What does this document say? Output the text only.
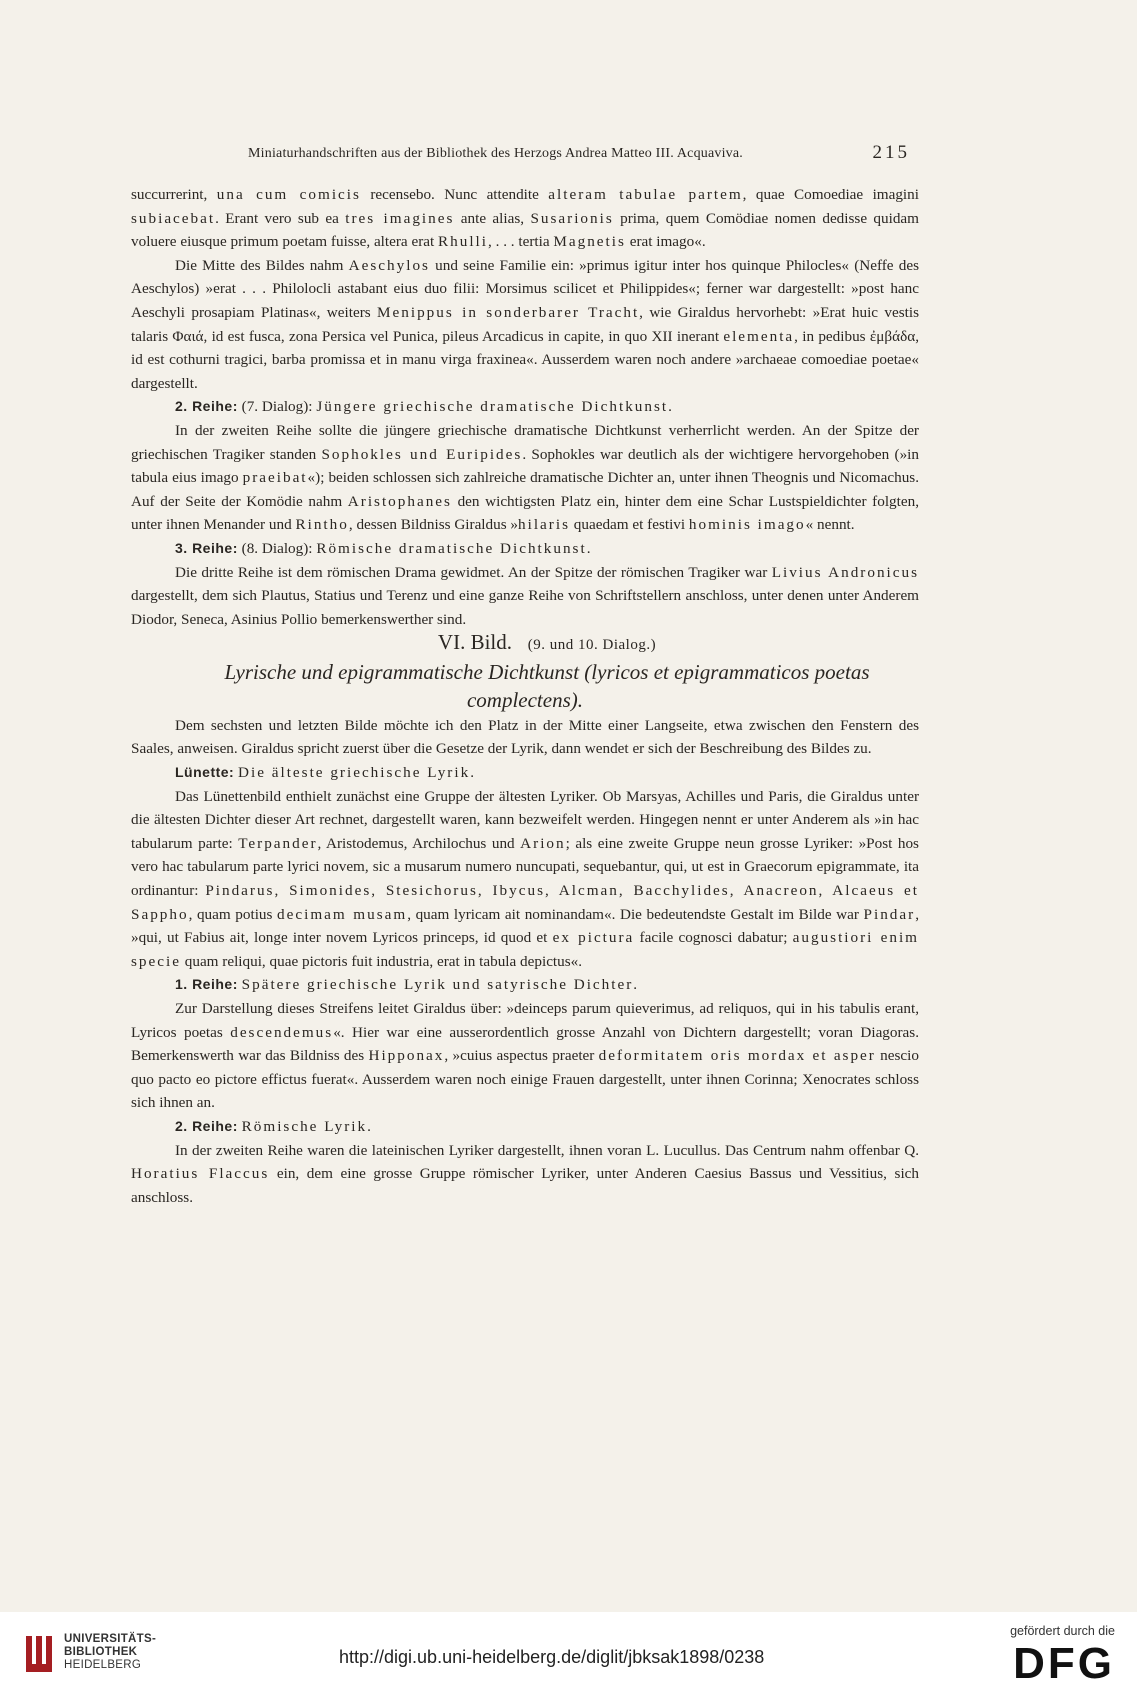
Miniaturhandschriften aus der Bibliothek des Herzogs Andrea Matteo III. Acquaviva.	215

succurrerint, una cum comicis recensebo. Nunc attendite alteram tabulae partem, quae Comoediae imagini subiacebat. Erant vero sub ea tres imagines ante alias, Susarionis prima, quem Comödiae nomen dedisse quidam voluere eiusque primum poetam fuisse, altera erat Rhulli, . . . tertia Magnetis erat imago«.

Die Mitte des Bildes nahm Aeschylos und seine Familie ein: »primus igitur inter hos quinque Philocles« (Neffe des Aeschylos) »erat . . . Philolocli astabant eius duo filii: Morsimus scilicet et Philippides«; ferner war dargestellt: »post hanc Aeschyli prosapiam Platinas«, weiters Menippus in sonderbarer Tracht, wie Giraldus hervorhebt: »Erat huic vestis talaris Φαιά, id est fusca, zona Persica vel Punica, pileus Arcadicus in capite, in quo XII inerant elementa, in pedibus ἐμβάδα, id est cothurni tragici, barba promissa et in manu virga fraxinea«. Ausserdem waren noch andere »archaeae comoediae poetae« dargestellt.

2. Reihe: (7. Dialog): Jüngere griechische dramatische Dichtkunst.

In der zweiten Reihe sollte die jüngere griechische dramatische Dichtkunst verherrlicht werden. An der Spitze der griechischen Tragiker standen Sophokles und Euripides. Sophokles war deutlich als der wichtigere hervorgehoben (»in tabula eius imago praeibat«); beiden schlossen sich zahlreiche dramatische Dichter an, unter ihnen Theognis und Nicomachus. Auf der Seite der Komödie nahm Aristophanes den wichtigsten Platz ein, hinter dem eine Schar Lustspieldichter folgten, unter ihnen Menander und Rintho, dessen Bildniss Giraldus »hilaris quaedam et festivi hominis imago« nennt.

3. Reihe: (8. Dialog): Römische dramatische Dichtkunst.

Die dritte Reihe ist dem römischen Drama gewidmet. An der Spitze der römischen Tragiker war Livius Andronicus dargestellt, dem sich Plautus, Statius und Terenz und eine ganze Reihe von Schriftstellern anschloss, unter denen unter Anderem Diodor, Seneca, Asinius Pollio bemerkenswerther sind.

VI. Bild. (9. und 10. Dialog.)

Lyrische und epigrammatische Dichtkunst (lyricos et epigrammaticos poetas complectens).

Dem sechsten und letzten Bilde möchte ich den Platz in der Mitte einer Langseite, etwa zwischen den Fenstern des Saales, anweisen. Giraldus spricht zuerst über die Gesetze der Lyrik, dann wendet er sich der Beschreibung des Bildes zu.

Lünette: Die älteste griechische Lyrik.

Das Lünettenbild enthielt zunächst eine Gruppe der ältesten Lyriker. Ob Marsyas, Achilles und Paris, die Giraldus unter die ältesten Dichter dieser Art rechnet, dargestellt waren, kann bezweifelt werden. Hingegen nennt er unter Anderem als »in hac tabularum parte: Terpander, Aristodemus, Archilochus und Arion; als eine zweite Gruppe neun grosse Lyriker: »Post hos vero hac tabularum parte lyrici novem, sic a musarum numero nuncupati, sequebantur, qui, ut est in Graecorum epigrammate, ita ordinantur: Pindarus, Simonides, Stesichorus, Ibycus, Alcman, Bacchylides, Anacreon, Alcaeus et Sappho, quam potius decimam musam, quam lyricam ait nominandam«. Die bedeutendste Gestalt im Bilde war Pindar, »qui, ut Fabius ait, longe inter novem Lyricos princeps, id quod et ex pictura facile cognosci dabatur; augustiori enim specie quam reliqui, quae pictoris fuit industria, erat in tabula depictus«.

1. Reihe: Spätere griechische Lyrik und satyrische Dichter.

Zur Darstellung dieses Streifens leitet Giraldus über: »deinceps parum quieverimus, ad reliquos, qui in his tabulis erant, Lyricos poetas descendemus«. Hier war eine ausserordentlich grosse Anzahl von Dichtern dargestellt; voran Diagoras. Bemerkenswerth war das Bildniss des Hipponax, »cuius aspectus praeter deformitatem oris mordax et asper nescio quo pacto eo pictore effictus fuerat«. Ausserdem waren noch einige Frauen dargestellt, unter ihnen Corinna; Xenocrates schloss sich ihnen an.

2. Reihe: Römische Lyrik.

In der zweiten Reihe waren die lateinischen Lyriker dargestellt, ihnen voran L. Lucullus. Das Centrum nahm offenbar Q. Horatius Flaccus ein, dem eine grosse Gruppe römischer Lyriker, unter Anderen Caesius Bassus und Vessitius, sich anschloss.

UNIVERSITÄTS-
BIBLIOTHEK
HEIDELBERG	http://digi.ub.uni-heidelberg.de/diglit/jbksak1898/0238
gefördert durch die
DFG
